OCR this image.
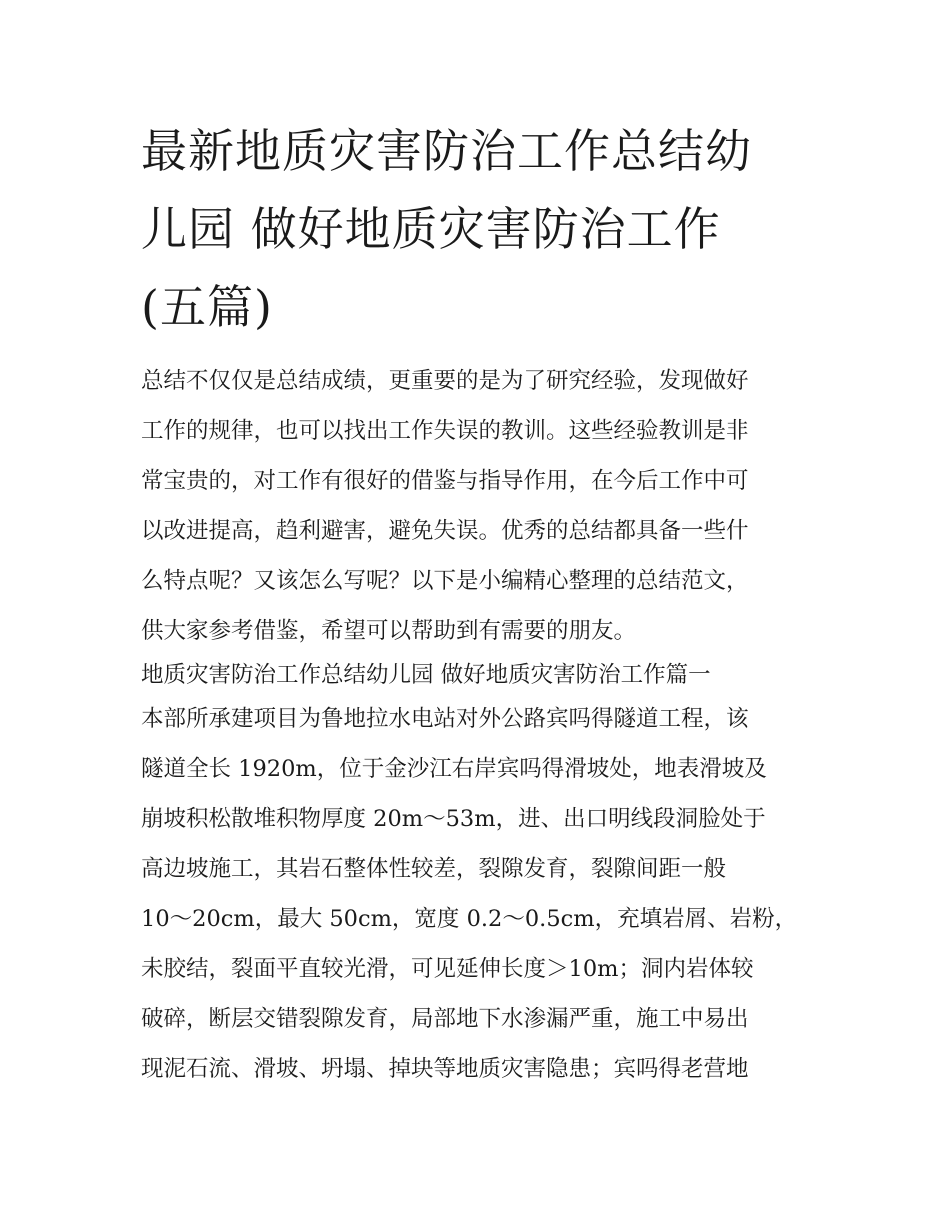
最新地质灾害防治工作总结幼
儿园 做好地质灾害防治工作
(五篇)
总结不仅仅是总结成绩，更重要的是为了研究经验，发现做好
工作的规律，也可以找出工作失误的教训。这些经验教训是非
常宝贵的，对工作有很好的借鉴与指导作用，在今后工作中可
以改进提高，趋利避害，避免失误。优秀的总结都具备一些什
么特点呢？又该怎么写呢？以下是小编精心整理的总结范文，
供大家参考借鉴，希望可以帮助到有需要的朋友。
地质灾害防治工作总结幼儿园 做好地质灾害防治工作篇一
本部所承建项目为鲁地拉水电站对外公路宾吗得隧道工程，该
隧道全长 1920m，位于金沙江右岸宾吗得滑坡处，地表滑坡及
崩坡积松散堆积物厚度 20m～53m，进、出口明线段洞脸处于
高边坡施工，其岩石整体性较差，裂隙发育，裂隙间距一般
10～20cm，最大 50cm，宽度 0.2～0.5cm，充填岩屑、岩粉，
未胶结，裂面平直较光滑，可见延伸长度＞10m；洞内岩体较
破碎，断层交错裂隙发育，局部地下水渗漏严重，施工中易出
现泥石流、滑坡、坍塌、掉块等地质灾害隐患；宾吗得老营地
